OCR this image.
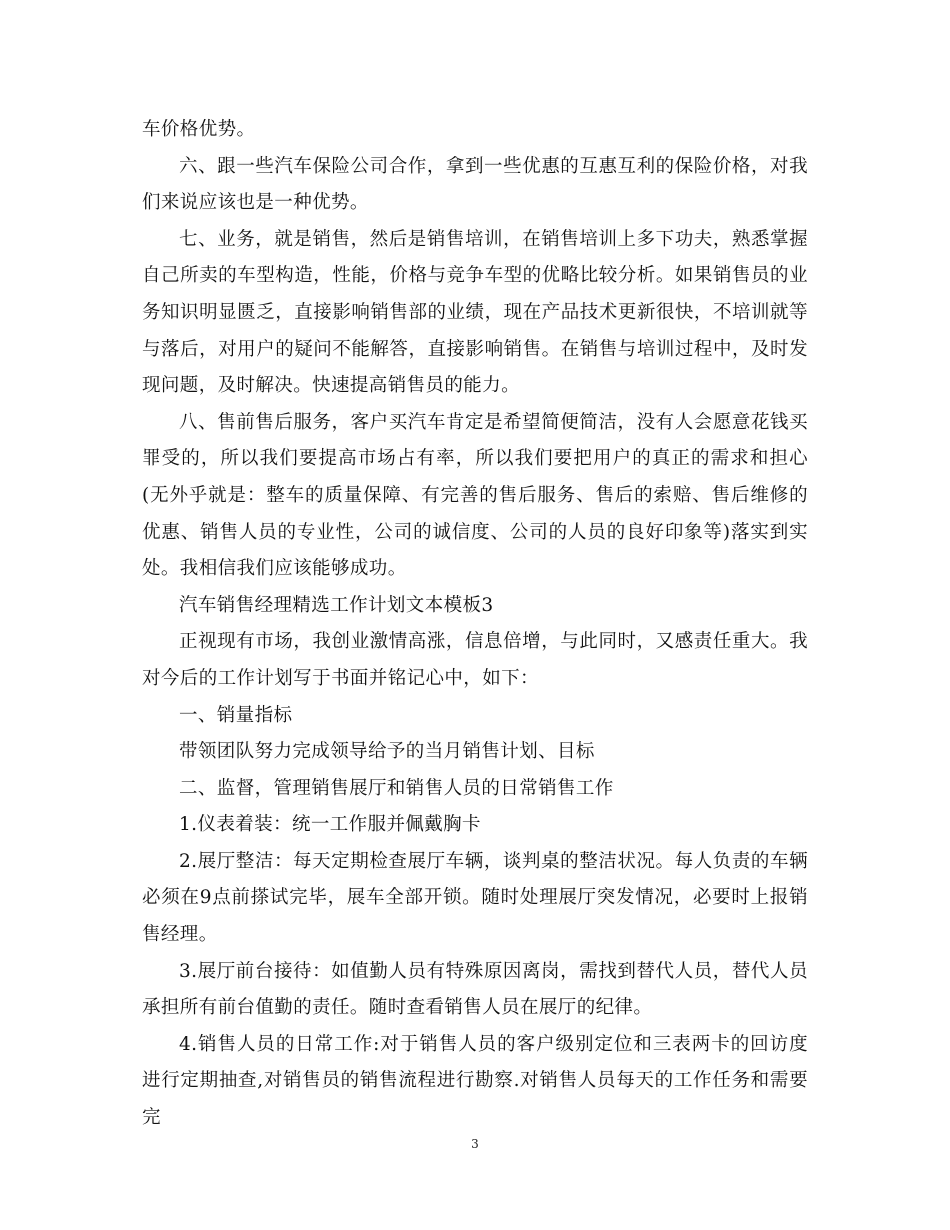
车价格优势。

六、跟一些汽车保险公司合作，拿到一些优惠的互惠互利的保险价格，对我们来说应该也是一种优势。

七、业务，就是销售，然后是销售培训，在销售培训上多下功夫，熟悉掌握自己所卖的车型构造，性能，价格与竞争车型的优略比较分析。如果销售员的业务知识明显匮乏，直接影响销售部的业绩，现在产品技术更新很快，不培训就等与落后，对用户的疑问不能解答，直接影响销售。在销售与培训过程中，及时发现问题，及时解决。快速提高销售员的能力。

八、售前售后服务，客户买汽车肯定是希望简便简洁，没有人会愿意花钱买罪受的，所以我们要提高市场占有率，所以我们要把用户的真正的需求和担心(无外乎就是：整车的质量保障、有完善的售后服务、售后的索赔、售后维修的优惠、销售人员的专业性，公司的诚信度、公司的人员的良好印象等)落实到实处。我相信我们应该能够成功。

汽车销售经理精选工作计划文本模板3

正视现有市场，我创业激情高涨，信息倍增，与此同时，又感责任重大。我对今后的工作计划写于书面并铭记心中，如下：

一、销量指标

带领团队努力完成领导给予的当月销售计划、目标

二、监督，管理销售展厅和销售人员的日常销售工作

1.仪表着装：统一工作服并佩戴胸卡

2.展厅整洁：每天定期检查展厅车辆，谈判桌的整洁状况。每人负责的车辆必须在9点前搽试完毕，展车全部开锁。随时处理展厅突发情况，必要时上报销售经理。

3.展厅前台接待：如值勤人员有特殊原因离岗，需找到替代人员，替代人员承担所有前台值勤的责任。随时查看销售人员在展厅的纪律。

4.销售人员的日常工作:对于销售人员的客户级别定位和三表两卡的回访度进行定期抽查,对销售员的销售流程进行勘察.对销售人员每天的工作任务和需要完

3
